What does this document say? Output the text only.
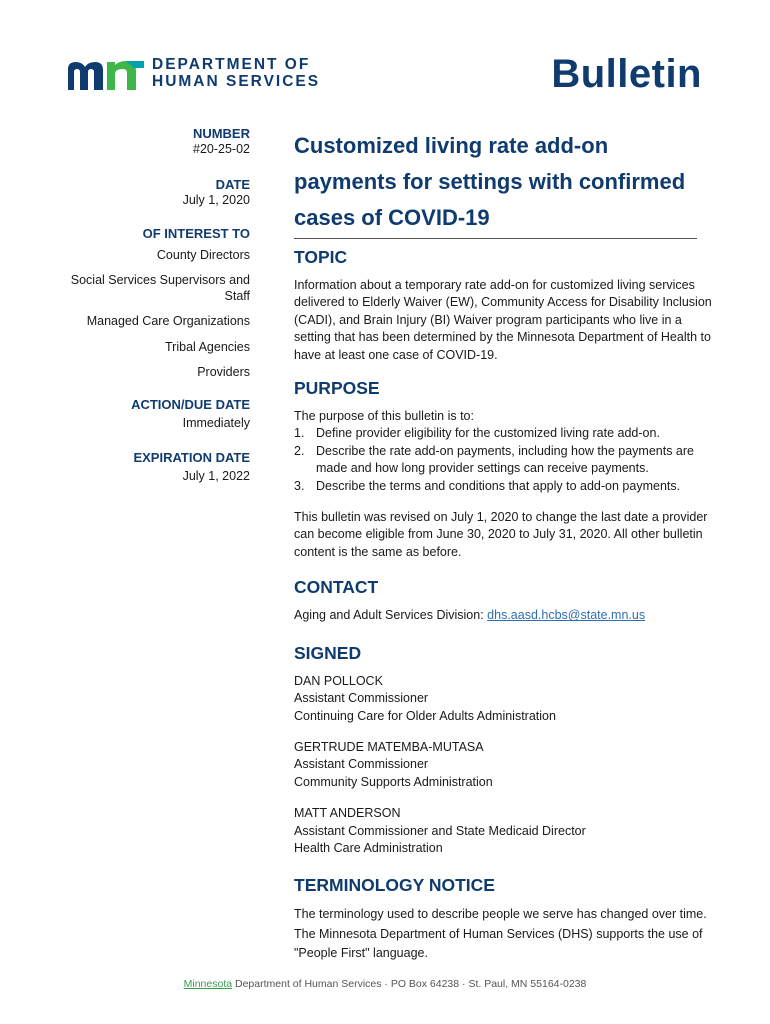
DEPARTMENT OF
HUMAN SERVICES	Bulletin
NUMBER
#20-25-02
DATE
July 1, 2020
OF INTEREST TO
County Directors
Social Services Supervisors and Staff
Managed Care Organizations
Tribal Agencies
Providers
ACTION/DUE DATE
Immediately
EXPIRATION DATE
July 1, 2022
Customized living rate add-on payments for settings with confirmed cases of COVID-19
TOPIC

Information about a temporary rate add-on for customized living services delivered to Elderly Waiver (EW), Community Access for Disability Inclusion (CADI), and Brain Injury (BI) Waiver program participants who live in a setting that has been determined by the Minnesota Department of Health to have at least one case of COVID-19.

PURPOSE

The purpose of this bulletin is to:

1. Define provider eligibility for the customized living rate add-on.
2. Describe the rate add-on payments, including how the payments are made and how long provider settings can receive payments.
3. Describe the terms and conditions that apply to add-on payments.

This bulletin was revised on July 1, 2020 to change the last date a provider can become eligible from June 30, 2020 to July 31, 2020. All other bulletin content is the same as before.

CONTACT

Aging and Adult Services Division: dhs.aasd.hcbs@state.mn.us

SIGNED
DAN POLLOCK
Assistant Commissioner
Continuing Care for Older Adults Administration
GERTRUDE MATEMBA-MUTASA
Assistant Commissioner
Community Supports Administration
MATT ANDERSON
Assistant Commissioner and State Medicaid Director
Health Care Administration
TERMINOLOGY NOTICE

The terminology used to describe people we serve has changed over time. The Minnesota Department of Human Services (DHS) supports the use of "People First" language.

Minnesota Department of Human Services · PO Box 64238 · St. Paul, MN 55164-0238
